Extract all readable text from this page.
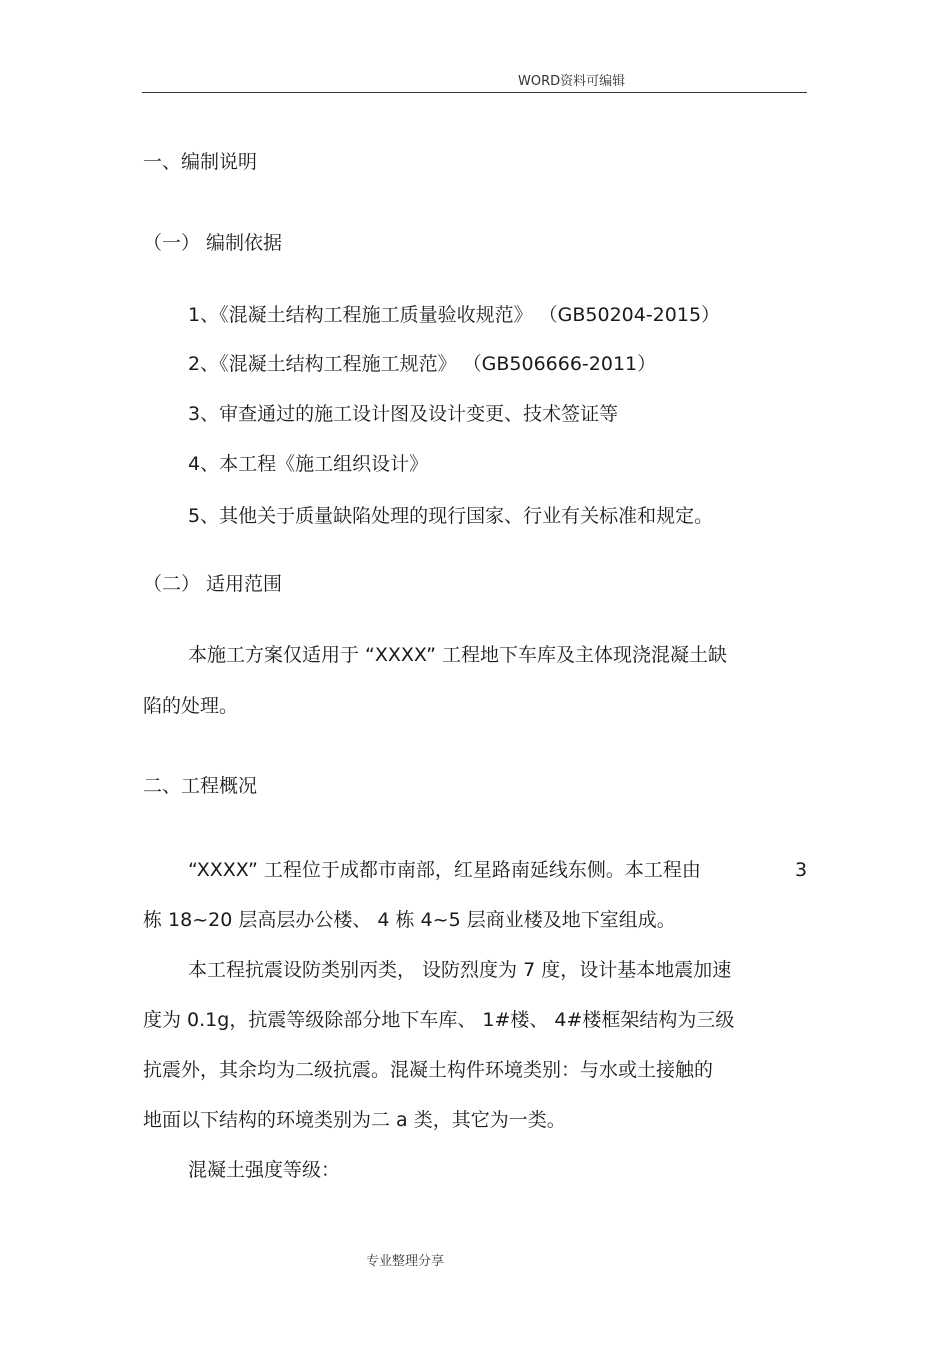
WORD资料可编辑
一、编制说明
（一） 编制依据
1、《混凝土结构工程施工质量验收规范》 （GB50204-2015）
2、《混凝土结构工程施工规范》 （GB506666-2011）
3、审查通过的施工设计图及设计变更、技术签证等
4、本工程《施工组织设计》
5、其他关于质量缺陷处理的现行国家、行业有关标准和规定。
（二） 适用范围
本施工方案仅适用于 “XXXX” 工程地下车库及主体现浇混凝土缺
陷的处理。
二、工程概况
“XXXX” 工程位于成都市南部，红星路南延线东侧。本工程由	3
栋 18~20 层高层办公楼、 4 栋 4~5 层商业楼及地下室组成。
本工程抗震设防类别丙类， 设防烈度为 7 度，设计基本地震加速
度为 0.1g，抗震等级除部分地下车库、 1#楼、 4#楼框架结构为三级
抗震外，其余均为二级抗震。混凝土构件环境类别：与水或土接触的
地面以下结构的环境类别为二 a 类，其它为一类。
混凝土强度等级：
专业整理分享
